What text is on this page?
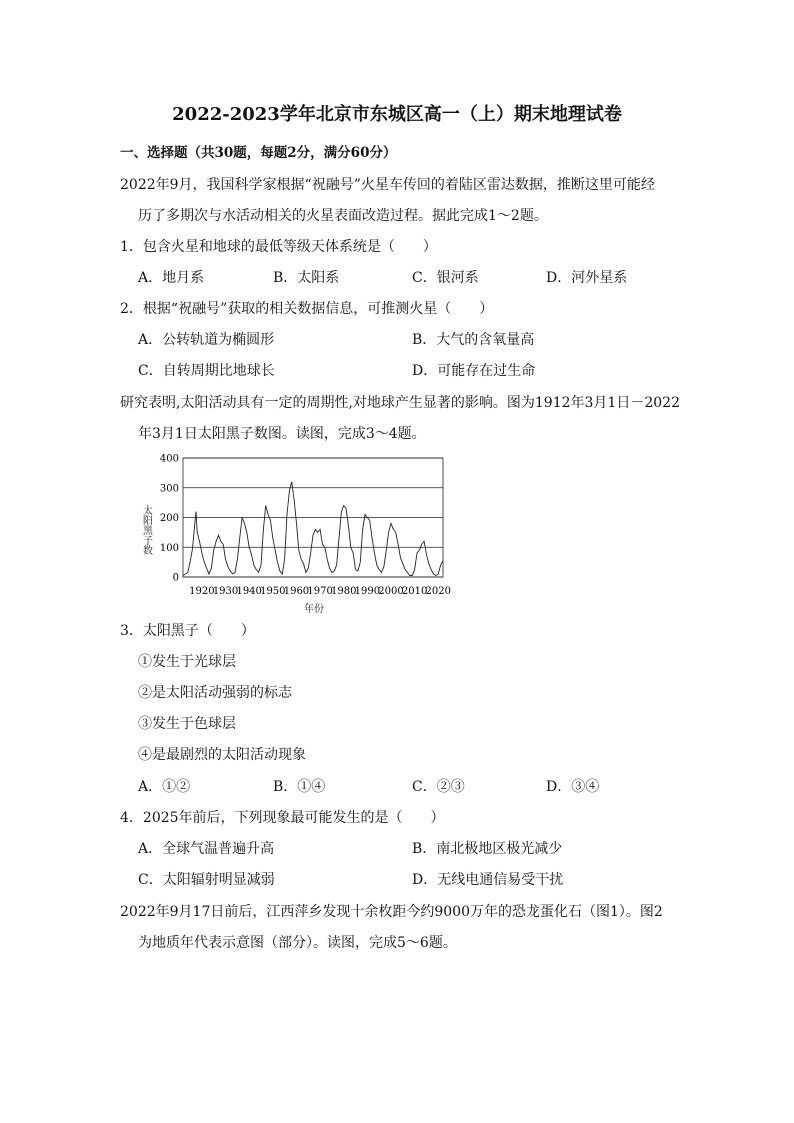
2022-2023学年北京市东城区高一（上）期末地理试卷
一、选择题（共30题，每题2分，满分60分）
2022年9月，我国科学家根据“祝融号”火星车传回的着陆区雷达数据，推断这里可能经
历了多期次与水活动相关的火星表面改造过程。据此完成1～2题。
1．包含火星和地球的最低等级天体系统是（　　）
A．地月系	B．太阳系	C．银河系	D．河外星系
2．根据“祝融号”获取的相关数据信息，可推测火星（　　）
A．公转轨道为椭圆形	B．大气的含氧量高
C．自转周期比地球长	D．可能存在过生命
研究表明,太阳活动具有一定的周期性,对地球产生显著的影响。图为1912年3月1日－2022
年3月1日太阳黑子数图。读图，完成3～4题。
0
100
200
300
400
1920
1930
1940
1950
1960
1970
1980
1990
2000
2010
2020
太阳黑子数
年份
3．太阳黑子（　　）
①发生于光球层
②是太阳活动强弱的标志
③发生于色球层
④是最剧烈的太阳活动现象
A．①②	B．①④	C．②③	D．③④
4．2025年前后，下列现象最可能发生的是（　　）
A．全球气温普遍升高	B．南北极地区极光减少
C．太阳辐射明显减弱	D．无线电通信易受干扰
2022年9月17日前后，江西萍乡发现十余枚距今约9000万年的恐龙蛋化石（图1）。图2
为地质年代表示意图（部分）。读图，完成5～6题。
